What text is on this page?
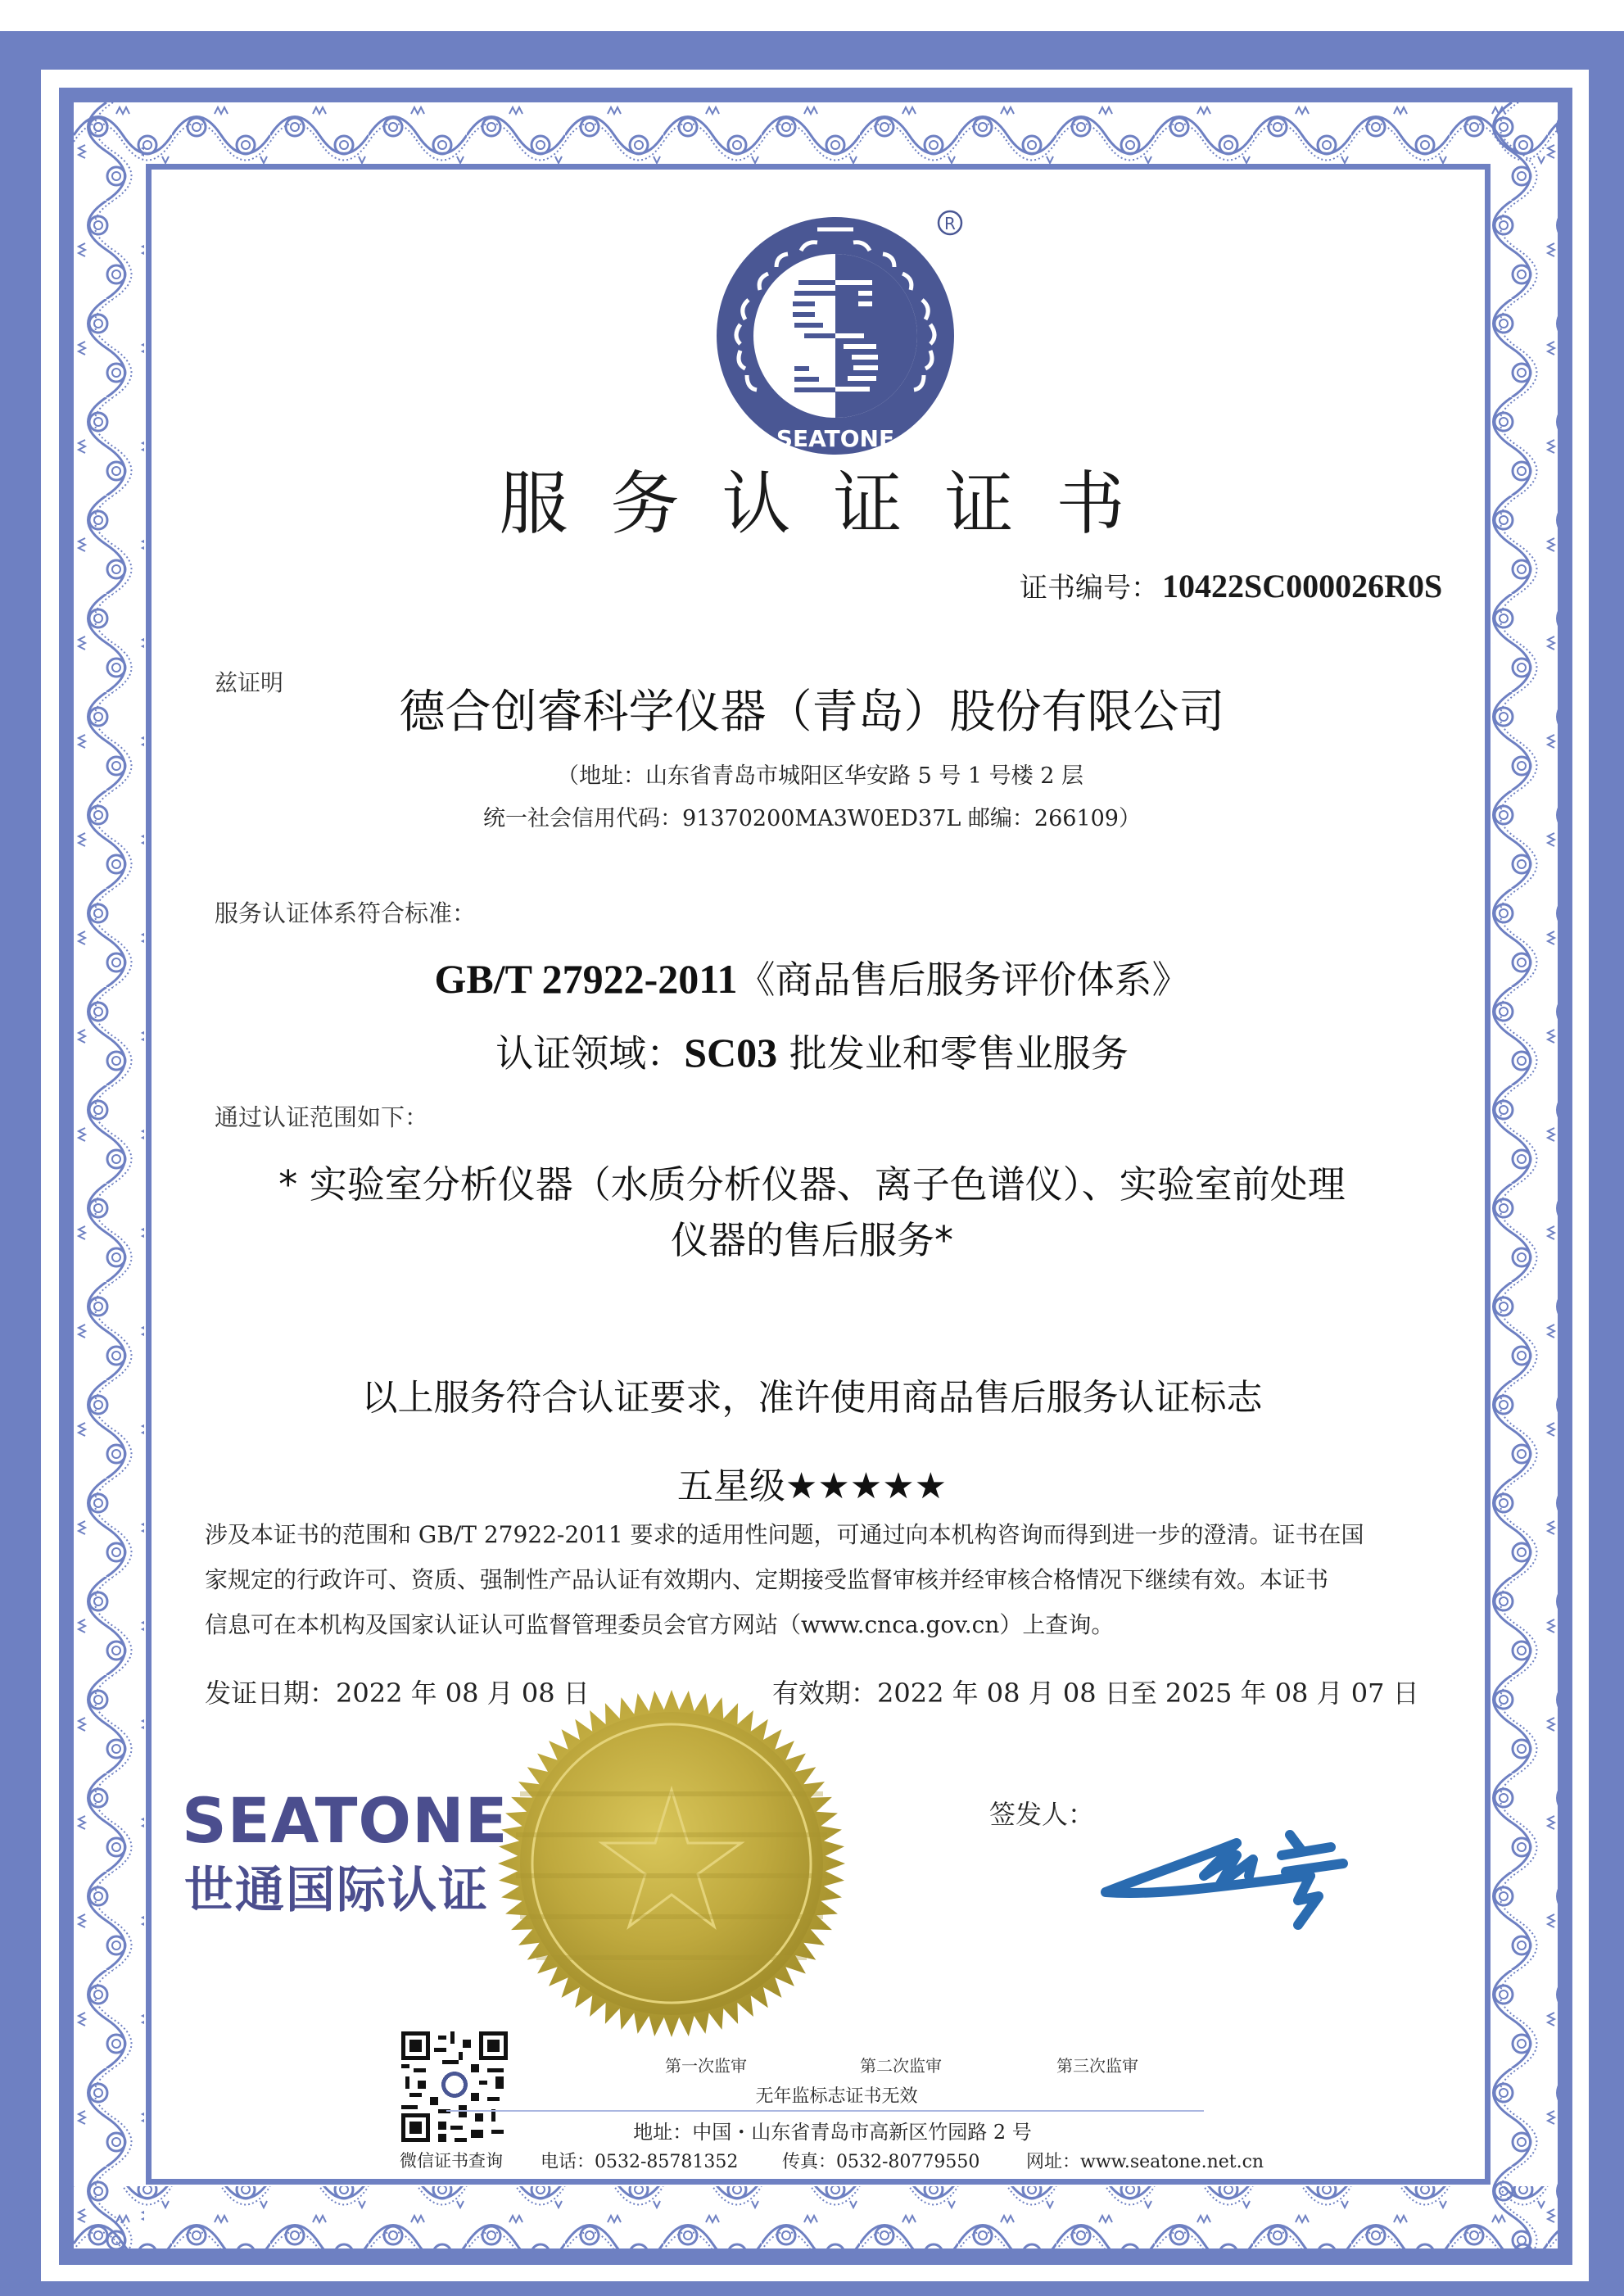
SEATONE
R
服务认证证书
证书编号： 10422SC000026R0S
兹证明
德合创睿科学仪器（青岛）股份有限公司
（地址：山东省青岛市城阳区华安路 5 号 1 号楼 2 层
统一社会信用代码：91370200MA3W0ED37L 邮编：266109）
服务认证体系符合标准：
GB/T 27922-2011《商品售后服务评价体系》
认证领域：SC03 批发业和零售业服务
通过认证范围如下：
* 实验室分析仪器（水质分析仪器、离子色谱仪）、实验室前处理
仪器的售后服务*
以上服务符合认证要求，准许使用商品售后服务认证标志
五星级★★★★★
涉及本证书的范围和 GB/T 27922-2011 要求的适用性问题，可通过向本机构咨询而得到进一步的澄清。证书在国
家规定的行政许可、资质、强制性产品认证有效期内、定期接受监督审核并经审核合格情况下继续有效。本证书
信息可在本机构及国家认证认可监督管理委员会官方网站（www.cnca.gov.cn）上查询。
发证日期：2022 年 08 月 08 日	有效期：2022 年 08 月 08 日至 2025 年 08 月 07 日
SEATONE
世通国际认证
签发人：
微信证书查询
第一次监审	第二次监审	第三次监审
无年监标志证书无效
地址：中国・山东省青岛市高新区竹园路 2 号
电话：0532-85781352 传真：0532-80779550	网址：www.seatone.net.cn
